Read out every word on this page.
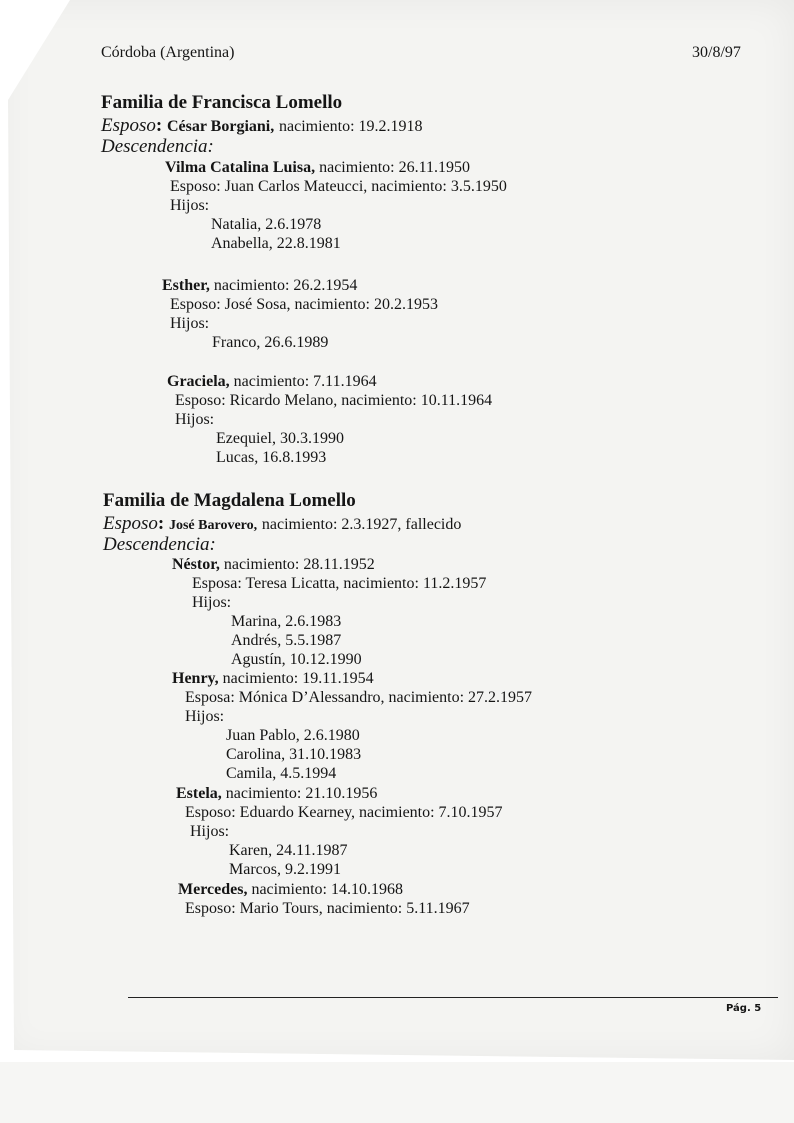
Córdoba (Argentina)	30/8/97
Familia de Francisca Lomello
Esposo: César Borgiani, nacimiento: 19.2.1918
Descendencia:
Vilma Catalina Luisa, nacimiento: 26.11.1950
Esposo: Juan Carlos Mateucci, nacimiento: 3.5.1950
Hijos:
Natalia, 2.6.1978
Anabella, 22.8.1981
Esther, nacimiento: 26.2.1954
Esposo: José Sosa, nacimiento: 20.2.1953
Hijos:
Franco, 26.6.1989
Graciela, nacimiento: 7.11.1964
Esposo: Ricardo Melano, nacimiento: 10.11.1964
Hijos:
Ezequiel, 30.3.1990
Lucas, 16.8.1993
Familia de Magdalena Lomello
Esposo: José Barovero, nacimiento: 2.3.1927, fallecido
Descendencia:
Néstor, nacimiento: 28.11.1952
Esposa: Teresa Licatta, nacimiento: 11.2.1957
Hijos:
Marina, 2.6.1983
Andrés, 5.5.1987
Agustín, 10.12.1990
Henry, nacimiento: 19.11.1954
Esposa: Mónica D’Alessandro, nacimiento: 27.2.1957
Hijos:
Juan Pablo, 2.6.1980
Carolina, 31.10.1983
Camila, 4.5.1994
Estela, nacimiento: 21.10.1956
Esposo: Eduardo Kearney, nacimiento: 7.10.1957
Hijos:
Karen, 24.11.1987
Marcos, 9.2.1991
Mercedes, nacimiento: 14.10.1968
Esposo: Mario Tours, nacimiento: 5.11.1967
Pág. 5
